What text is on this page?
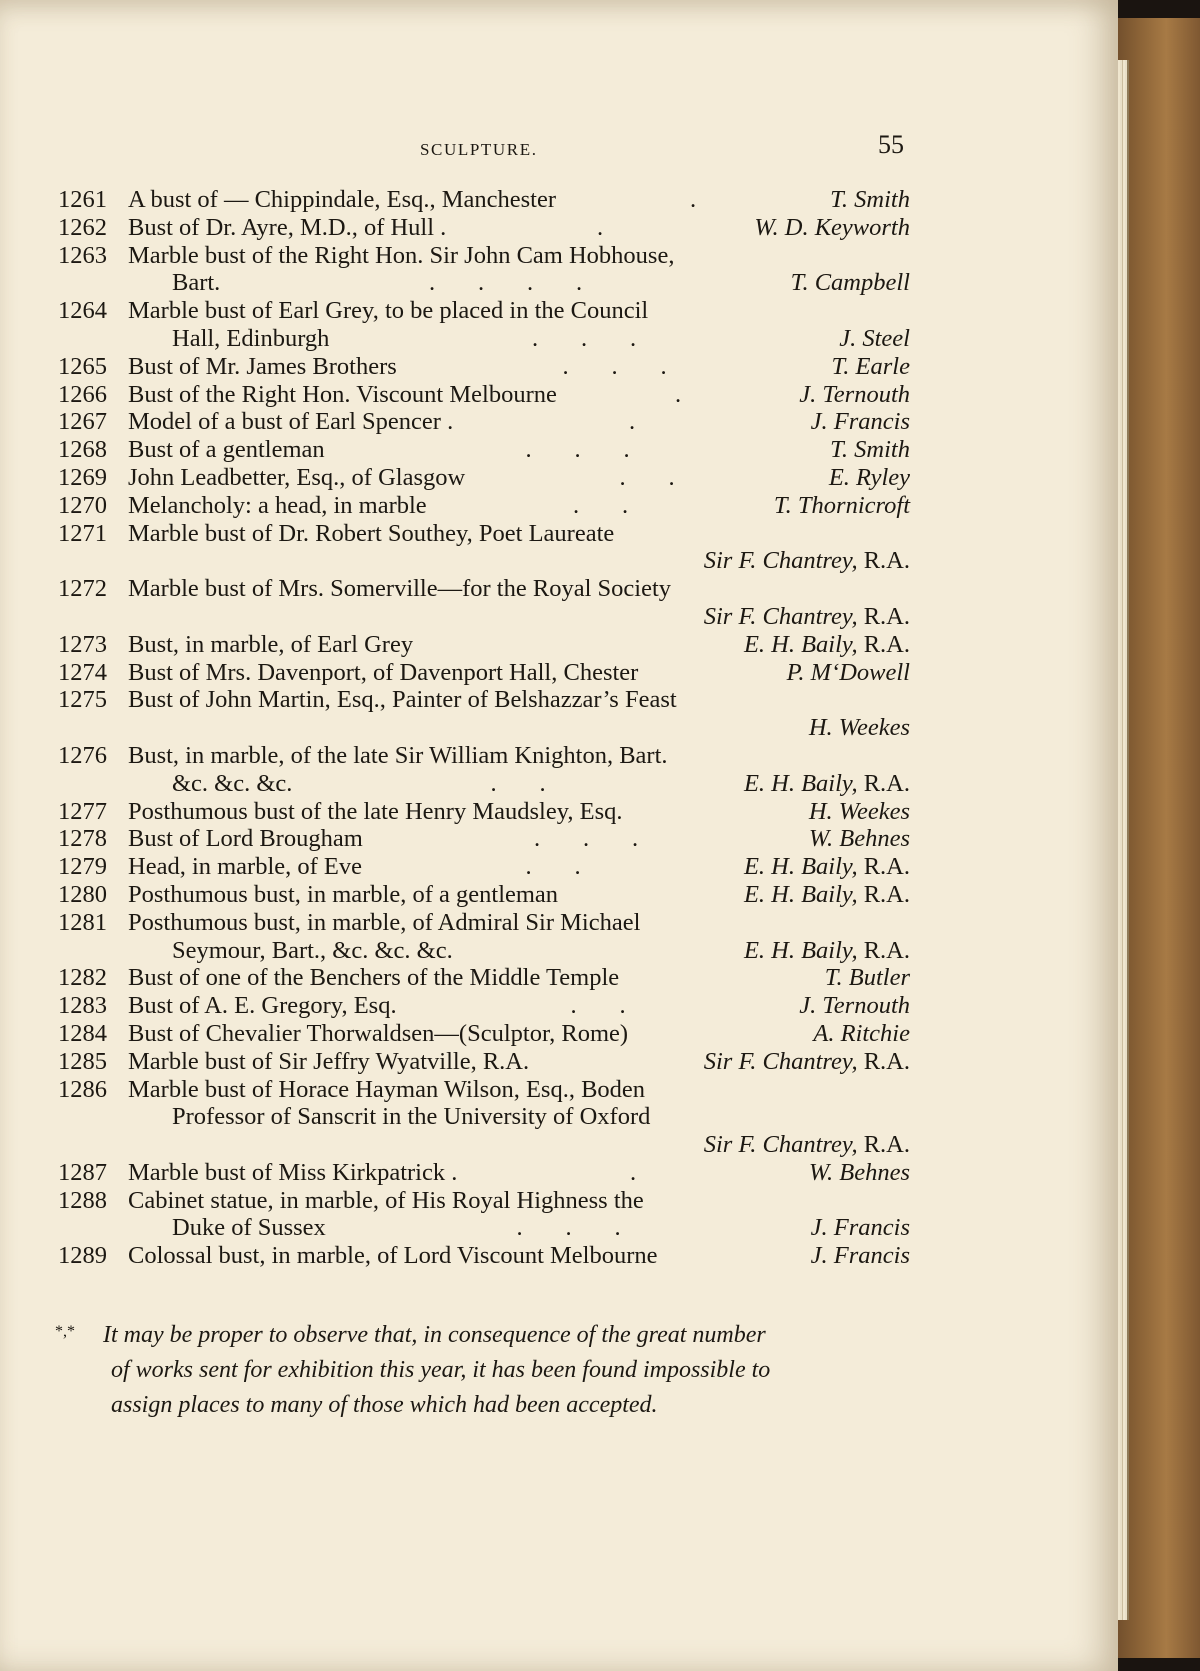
SCULPTURE.	55
1261 A bust of — Chippindale, Esq., Manchester	.	T. Smith
1262 Bust of Dr. Ayre, M.D., of Hull .	.	W. D. Keyworth
1263 Marble bust of the Right Hon. Sir John Cam Hobhouse,
Bart.	.       .       .       .	T. Campbell
1264 Marble bust of Earl Grey, to be placed in the Council
Hall, Edinburgh	.       .       .	J. Steel
1265 Bust of Mr. James Brothers	.       .       .	T. Earle
1266 Bust of the Right Hon. Viscount Melbourne	.	J. Ternouth
1267 Model of a bust of Earl Spencer .	.	J. Francis
1268 Bust of a gentleman	.       .       .	T. Smith
1269 John Leadbetter, Esq., of Glasgow	.       .	E. Ryley
1270 Melancholy: a head, in marble	.       .	T. Thornicroft
1271 Marble bust of Dr. Robert Southey, Poet Laureate
Sir F. Chantrey, R.A.
1272 Marble bust of Mrs. Somerville—for the Royal Society
Sir F. Chantrey, R.A.
1273 Bust, in marble, of Earl Grey	E. H. Baily, R.A.
1274 Bust of Mrs. Davenport, of Davenport Hall, Chester	P. M‘Dowell
1275 Bust of John Martin, Esq., Painter of Belshazzar’s Feast
H. Weekes
1276 Bust, in marble, of the late Sir William Knighton, Bart.
&c. &c. &c.	.       .	E. H. Baily, R.A.
1277 Posthumous bust of the late Henry Maudsley, Esq.	H. Weekes
1278 Bust of Lord Brougham	.       .       .	W. Behnes
1279 Head, in marble, of Eve	.       .	E. H. Baily, R.A.
1280 Posthumous bust, in marble, of a gentleman	E. H. Baily, R.A.
1281 Posthumous bust, in marble, of Admiral Sir Michael
Seymour, Bart., &c. &c. &c.	E. H. Baily, R.A.
1282 Bust of one of the Benchers of the Middle Temple	T. Butler
1283 Bust of A. E. Gregory, Esq.	.       .	J. Ternouth
1284 Bust of Chevalier Thorwaldsen—(Sculptor, Rome)	A. Ritchie
1285 Marble bust of Sir Jeffry Wyatville, R.A.	Sir F. Chantrey, R.A.
1286 Marble bust of Horace Hayman Wilson, Esq., Boden
Professor of Sanscrit in the University of Oxford
Sir F. Chantrey, R.A.
1287 Marble bust of Miss Kirkpatrick .	.	W. Behnes
1288 Cabinet statue, in marble, of His Royal Highness the
Duke of Sussex	.       .       .	J. Francis
1289 Colossal bust, in marble, of Lord Viscount Melbourne	J. Francis
*,* It may be proper to observe that, in consequence of the great number
of works sent for exhibition this year, it has been found impossible to
assign places to many of those which had been accepted.
